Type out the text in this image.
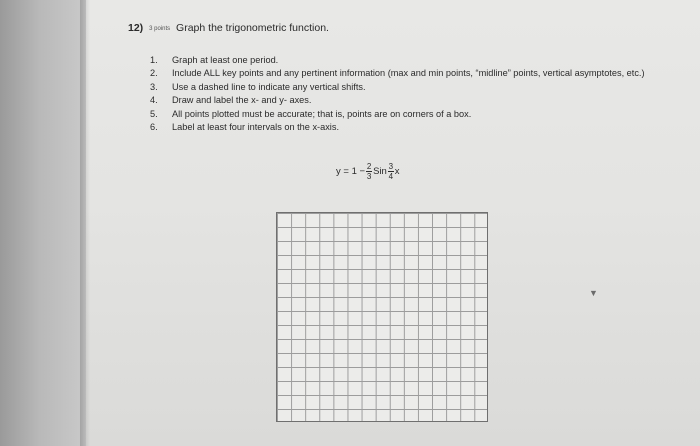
12) 3 points Graph the trigonometric function.
1. Graph at least one period.
2. Include ALL key points and any pertinent information (max and min points, “midline” points, vertical asymptotes, etc.)
3. Use a dashed line to indicate any vertical shifts.
4. Draw and label the x- and y- axes.
5. All points plotted must be accurate; that is, points are on corners of a box.
6. Label at least four intervals on the x-axis.
$y = 1 - \frac{2}{3}$ Sin $\frac{3}{4}$ x
▼
